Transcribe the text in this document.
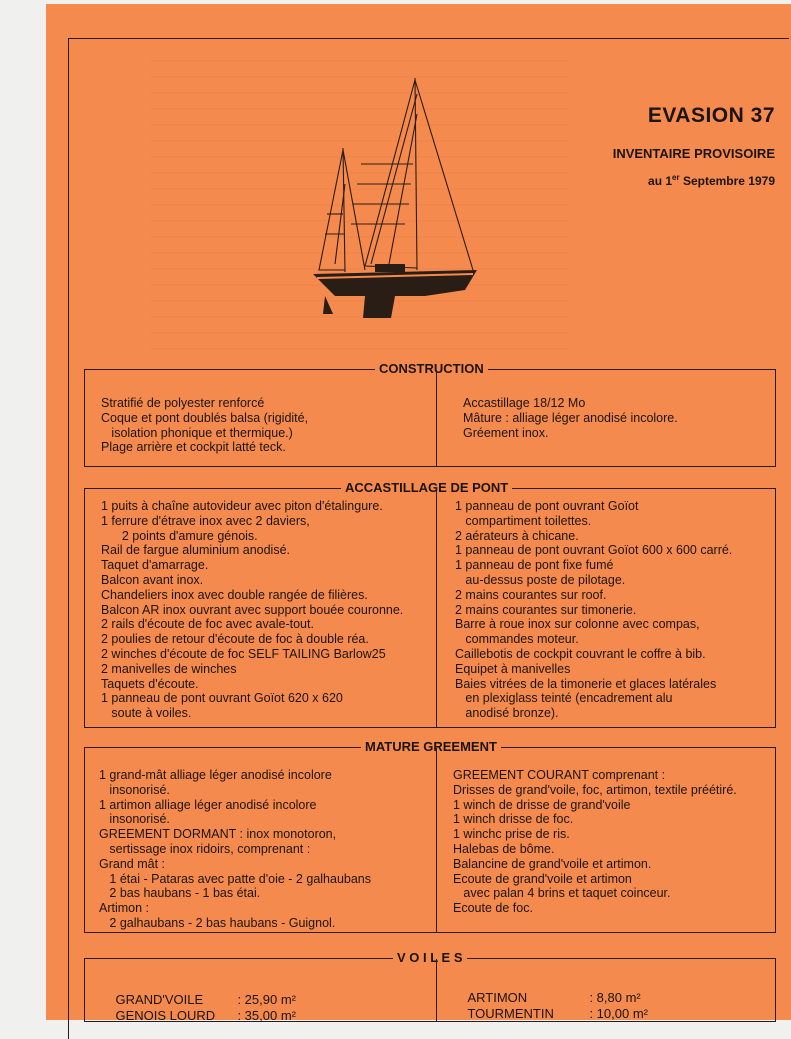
EVASION 37
INVENTAIRE PROVISOIRE
au 1er Septembre 1979
CONSTRUCTION
Stratifié de polyester renforcé
Coque et pont doublés balsa (rigidité,
isolation phonique et thermique.)
Plage arrière et cockpit latté teck.
Accastillage 18/12 Mo
Mâture : alliage léger anodisé incolore.
Gréement inox.
ACCASTILLAGE DE PONT
1 puits à chaîne autovideur avec piton d'étalingure.
1 ferrure d'étrave inox avec 2 daviers,
2 points d'amure génois.
Rail de fargue aluminium anodisé.
Taquet d'amarrage.
Balcon avant inox.
Chandeliers inox avec double rangée de filières.
Balcon AR inox ouvrant avec support bouée couronne.
2 rails d'écoute de foc avec avale-tout.
2 poulies de retour d'écoute de foc à double réa.
2 winches d'écoute de foc SELF TAILING Barlow25
2 manivelles de winches
Taquets d'écoute.
1 panneau de pont ouvrant Goïot 620 x 620
soute à voiles.
1 panneau de pont ouvrant Goïot
compartiment toilettes.
2 aérateurs à chicane.
1 panneau de pont ouvrant Goïot 600 x 600 carré.
1 panneau de pont fixe fumé
au-dessus poste de pilotage.
2 mains courantes sur roof.
2 mains courantes sur timonerie.
Barre à roue inox sur colonne avec compas,
commandes moteur.
Caillebotis de cockpit couvrant le coffre à bib.
Equipet à manivelles
Baies vitrées de la timonerie et glaces latérales
en plexiglass teinté (encadrement alu
anodisé bronze).
MATURE GREEMENT
1 grand-mât alliage léger anodisé incolore
insonorisé.
1 artimon alliage léger anodisé incolore
insonorisé.
GREEMENT DORMANT : inox monotoron,
sertissage inox ridoirs, comprenant :
Grand mât :
1 étai - Pataras avec patte d'oie - 2 galhaubans
2 bas haubans - 1 bas étai.
Artimon :
2 galhaubans - 2 bas haubans - Guignol.
GREEMENT COURANT comprenant :
Drisses de grand'voile, foc, artimon, textile préétiré.
1 winch de drisse de grand'voile
1 winch drisse de foc.
1 winchc prise de ris.
Halebas de bôme.
Balancine de grand'voile et artimon.
Ecoute de grand'voile et artimon
avec palan 4 brins et taquet coinceur.
Ecoute de foc.
V O I L E S

GRAND'VOILE	: 25,90 m²

GENOIS LOURD : 35,00 m²

ARTIMON	: 8,80 m²

TOURMENTIN	: 10,00 m²
